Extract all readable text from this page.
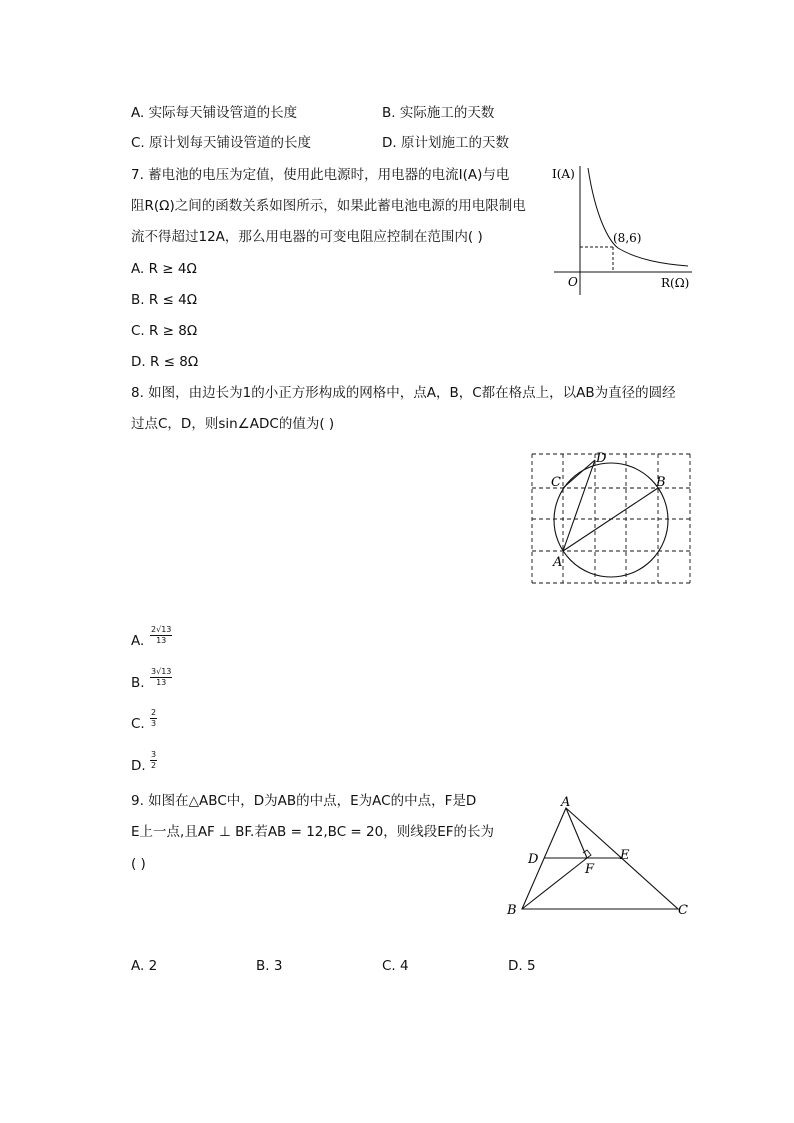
A. 实际每天铺设管道的长度	B. 实际施工的天数
C. 原计划每天铺设管道的长度	D. 原计划施工的天数
7. 蓄电池的电压为定值，使用此电源时，用电器的电流I(A)与电
阻R(Ω)之间的函数关系如图所示，如果此蓄电池电源的用电限制电
流不得超过12A，那么用电器的可变电阻应控制在范围内( )
A. R ≥ 4Ω
B. R ≤ 4Ω
C. R ≥ 8Ω
D. R ≤ 8Ω
I(A)
R(Ω)
O
(8,6)
8. 如图，由边长为1的小正方形构成的网格中，点A，B，C都在格点上，以AB为直径的圆经
过点C，D，则sin∠ADC的值为( )
C
D
B
A
A. $\frac{2√13}{13}$
B. $\frac{3√13}{13}$
C. $\frac{2}{3}$
D. $\frac{3}{2}$
9. 如图在△ABC中，D为AB的中点，E为AC的中点，F是D
E上一点,且AF ⊥ BF.若AB = 12,BC = 20，则线段EF的长为
( )
A
D	E
F
B	C
A. 2	B. 3	C. 4	D. 5
